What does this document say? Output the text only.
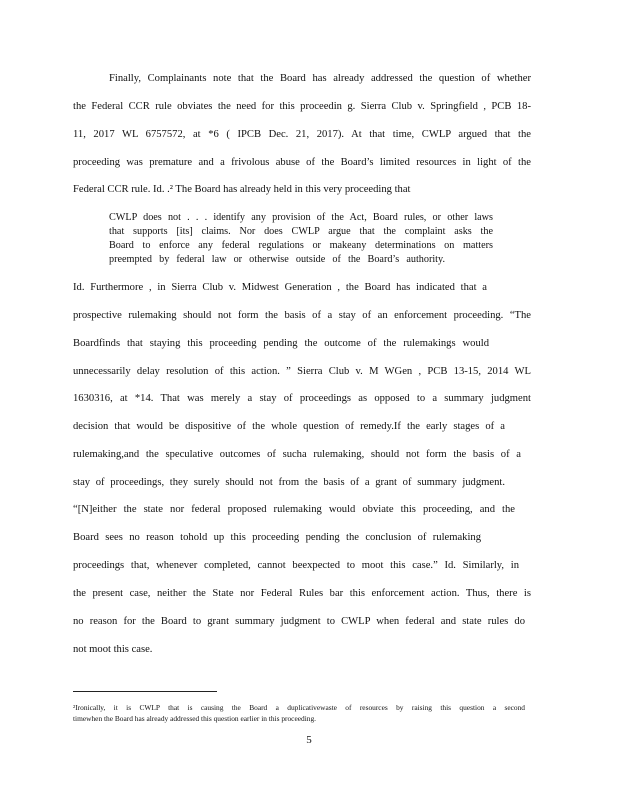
Finally, Complainants note that the Board has already addressed the question of whether
the Federal CCR rule obviates the need for this proceedin g. Sierra Club v. Springfield , PCB 18-
11, 2017 WL 6757572, at *6 ( IPCB Dec. 21, 2017). At that time, CWLP argued that the
proceeding was premature and a frivolous abuse of the Board’s limited resources in light of the
Federal CCR rule. Id. .² The Board has already held in this very proceeding that
CWLP does not . . . identify any provision of the Act, Board rules, or other laws
that supports [its] claims. Nor does CWLP argue that the complaint asks the
Board to enforce any federal regulations or makeany determinations on matters
preempted by federal law or otherwise outside of the Board’s authority.
Id. Furthermore , in Sierra Club v. Midwest Generation , the Board has indicated that a
prospective rulemaking should not form the basis of a stay of an enforcement proceeding. “The
Boardfinds that staying this proceeding pending the outcome of the rulemakings would
unnecessarily delay resolution of this action. ” Sierra Club v. M WGen , PCB 13-15, 2014 WL
1630316, at *14. That was merely a stay of proceedings as opposed to a summary judgment
decision that would be dispositive of the whole question of remedy.If the early stages of a
rulemaking,and the speculative outcomes of sucha rulemaking, should not form the basis of a
stay of proceedings, they surely should not from the basis of a grant of summary judgment.
“[N]either the state nor federal proposed rulemaking would obviate this proceeding, and the
Board sees no reason tohold up this proceeding pending the conclusion of rulemaking
proceedings that, whenever completed, cannot beexpected to moot this case.” Id. Similarly, in
the present case, neither the State nor Federal Rules bar this enforcement action. Thus, there is
no reason for the Board to grant summary judgment to CWLP when federal and state rules do
not moot this case.
²Ironically, it is CWLP that is causing the Board a duplicativewaste of resources by raising this question a second
timewhen the Board has already addressed this question earlier in this proceeding.
5
